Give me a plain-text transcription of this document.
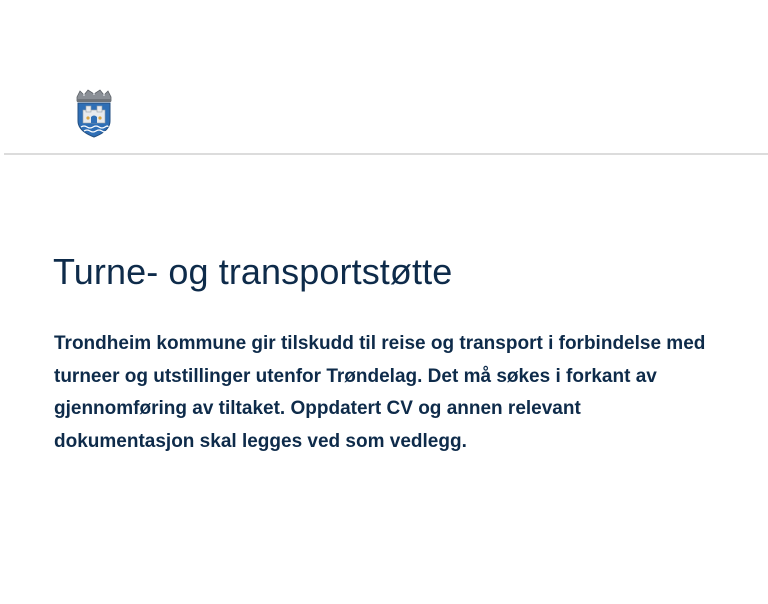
Turne- og transportstøtte

Trondheim kommune gir tilskudd til reise og transport i forbindelse med
turneer og utstillinger utenfor Trøndelag. Det må søkes i forkant av
gjennomføring av tiltaket. Oppdatert CV og annen relevant
dokumentasjon skal legges ved som vedlegg.
